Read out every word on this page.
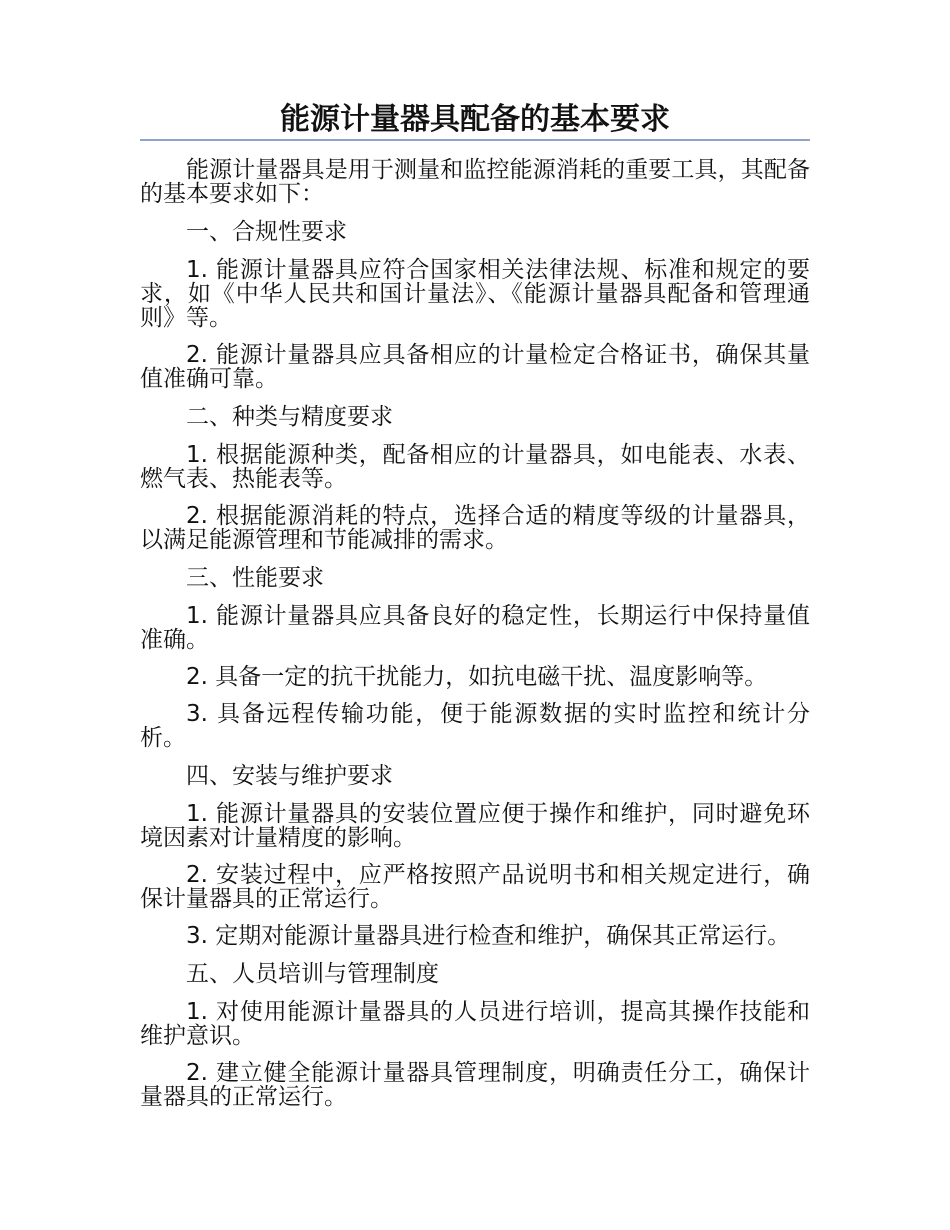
能源计量器具配备的基本要求

能源计量器具是用于测量和监控能源消耗的重要工具，其配备的基本要求如下：

一、合规性要求

1. 能源计量器具应符合国家相关法律法规、标准和规定的要求，如《中华人民共和国计量法》、《能源计量器具配备和管理通则》等。

2. 能源计量器具应具备相应的计量检定合格证书，确保其量值准确可靠。

二、种类与精度要求

1. 根据能源种类，配备相应的计量器具，如电能表、水表、燃气表、热能表等。

2. 根据能源消耗的特点，选择合适的精度等级的计量器具，以满足能源管理和节能减排的需求。

三、性能要求

1. 能源计量器具应具备良好的稳定性，长期运行中保持量值准确。

2. 具备一定的抗干扰能力，如抗电磁干扰、温度影响等。

3. 具备远程传输功能，便于能源数据的实时监控和统计分析。

四、安装与维护要求

1. 能源计量器具的安装位置应便于操作和维护，同时避免环境因素对计量精度的影响。

2. 安装过程中，应严格按照产品说明书和相关规定进行，确保计量器具的正常运行。

3. 定期对能源计量器具进行检查和维护，确保其正常运行。

五、人员培训与管理制度

1. 对使用能源计量器具的人员进行培训，提高其操作技能和维护意识。

2. 建立健全能源计量器具管理制度，明确责任分工，确保计量器具的正常运行。
